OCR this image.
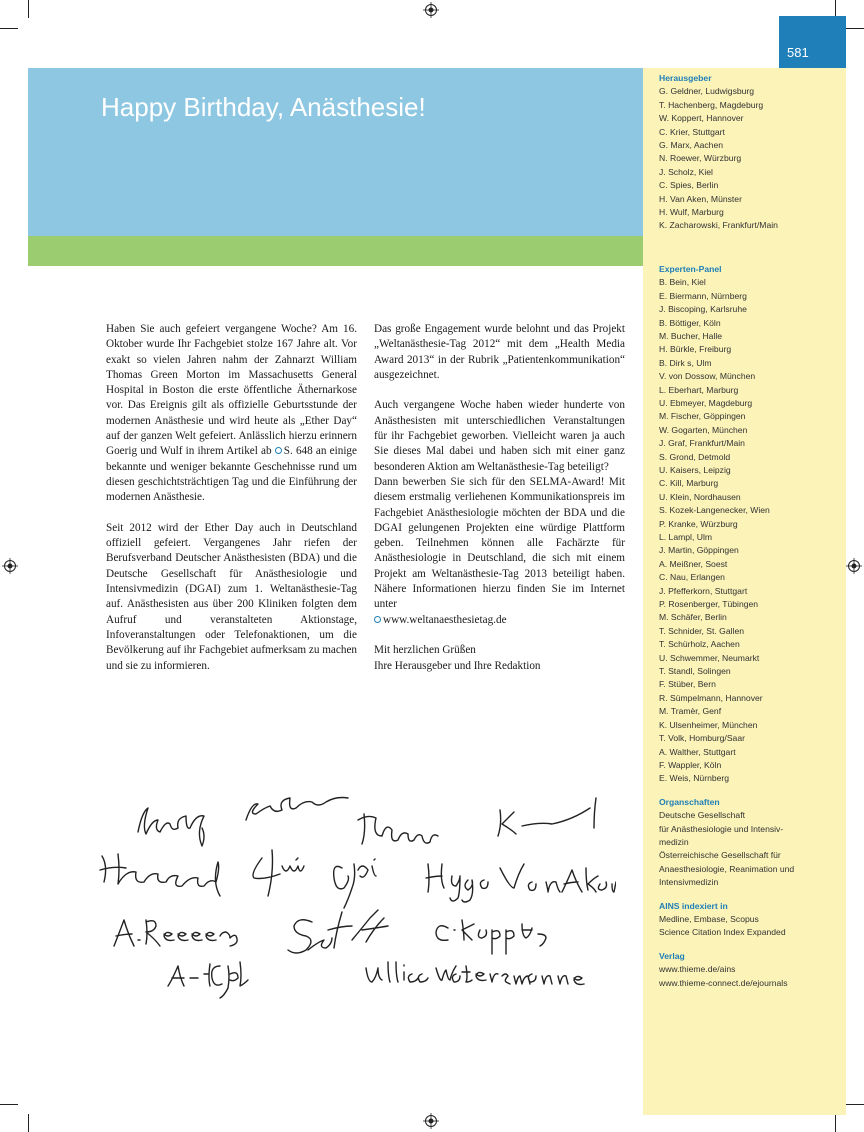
581
Happy Birthday, Anästhesie!
Herausgeber
G. Geldner, Ludwigsburg
T. Hachenberg, Magdeburg
W. Koppert, Hannover
C. Krier, Stuttgart
G. Marx, Aachen
N. Roewer, Würzburg
J. Scholz, Kiel
C. Spies, Berlin
H. Van Aken, Münster
H. Wulf, Marburg
K. Zacharowski, Frankfurt/Main
Experten-Panel
B. Bein, Kiel
E. Biermann, Nürnberg
J. Biscoping, Karlsruhe
B. Böttiger, Köln
M. Bucher, Halle
H. Bürkle, Freiburg
B. Dirk s, Ulm
V. von Dossow, München
L. Eberhart, Marburg
U. Ebmeyer, Magdeburg
M. Fischer, Göppingen
W. Gogarten, München
J. Graf, Frankfurt/Main
S. Grond, Detmold
U. Kaisers, Leipzig
C. Kill, Marburg
U. Klein, Nordhausen
S. Kozek-Langenecker, Wien
P. Kranke, Würzburg
L. Lampl, Ulm
J. Martin, Göppingen
A. Meißner, Soest
C. Nau, Erlangen
J. Pfefferkorn, Stuttgart
P. Rosenberger, Tübingen
M. Schäfer, Berlin
T. Schnider, St. Gallen
T. Schürholz, Aachen
U. Schwemmer, Neumarkt
T. Standl, Solingen
F. Stüber, Bern
R. Sümpelmann, Hannover
M. Tramèr, Genf
K. Ulsenheimer, München
T. Volk, Homburg/Saar
A. Walther, Stuttgart
F. Wappler, Köln
E. Weis, Nürnberg
Organschaften
Deutsche Gesellschaft
für Anästhesiologie und Intensiv-
medizin
Österreichische Gesellschaft für
Anaesthesiologie, Reanimation und
Intensivmedizin
AINS indexiert in
Medline, Embase, Scopus
Science Citation Index Expanded
Verlag
www.thieme.de/ains
www.thieme-connect.de/ejournals

Haben Sie auch gefeiert vergangene Woche? Am 16. Oktober wurde Ihr Fachgebiet stolze 167 Jahre alt. Vor exakt so vielen Jahren nahm der Zahnarzt William Thomas Green Morton im Massachusetts General Hospital in Boston die erste öffentliche Äthernarkose vor. Das Ereignis gilt als offizielle Geburtsstunde der modernen Anästhesie und wird heute als „Ether Day“ auf der ganzen Welt gefeiert. Anlässlich hierzu erinnern Goerig und Wulf in ihrem Artikel ab S. 648 an einige bekannte und weniger bekannte Geschehnisse rund um diesen geschichtsträchtigen Tag und die Einführung der modernen Anästhesie.

Seit 2012 wird der Ether Day auch in Deutschland offiziell gefeiert. Vergangenes Jahr riefen der Berufsverband Deutscher Anästhesisten (BDA) und die Deutsche Gesellschaft für Anästhesiologie und Intensivmedizin (DGAI) zum 1. Weltanästhesie-Tag auf. Anästhesisten aus über 200 Kliniken folgten dem Aufruf und veranstalteten Aktionstage, Infoveranstaltungen oder Telefonaktionen, um die Bevölkerung auf ihr Fachgebiet aufmerksam zu machen und sie zu informieren.

Das große Engagement wurde belohnt und das Projekt „Weltanästhesie-Tag 2012“ mit dem „Health Media Award 2013“ in der Rubrik „Patientenkommunikation“ ausgezeichnet.

Auch vergangene Woche haben wieder hunderte von Anästhesisten mit unterschiedlichen Veranstaltungen für ihr Fachgebiet geworben. Vielleicht waren ja auch Sie dieses Mal dabei und haben sich mit einer ganz besonderen Aktion am Weltanästhesie-Tag beteiligt?

Dann bewerben Sie sich für den SELMA-Award! Mit diesem erstmalig verliehenen Kommunikationspreis im Fachgebiet Anästhesiologie möchten der BDA und die DGAI gelungenen Projekten eine würdige Plattform geben. Teilnehmen können alle Fachärzte für Anästhesiologie in Deutschland, die sich mit einem Projekt am Weltanästhesie-Tag 2013 beteiligt haben. Nähere Informationen hierzu finden Sie im Internet unter
www.weltanaesthesietag.de

Mit herzlichen Grüßen
Ihre Herausgeber und Ihre Redaktion
